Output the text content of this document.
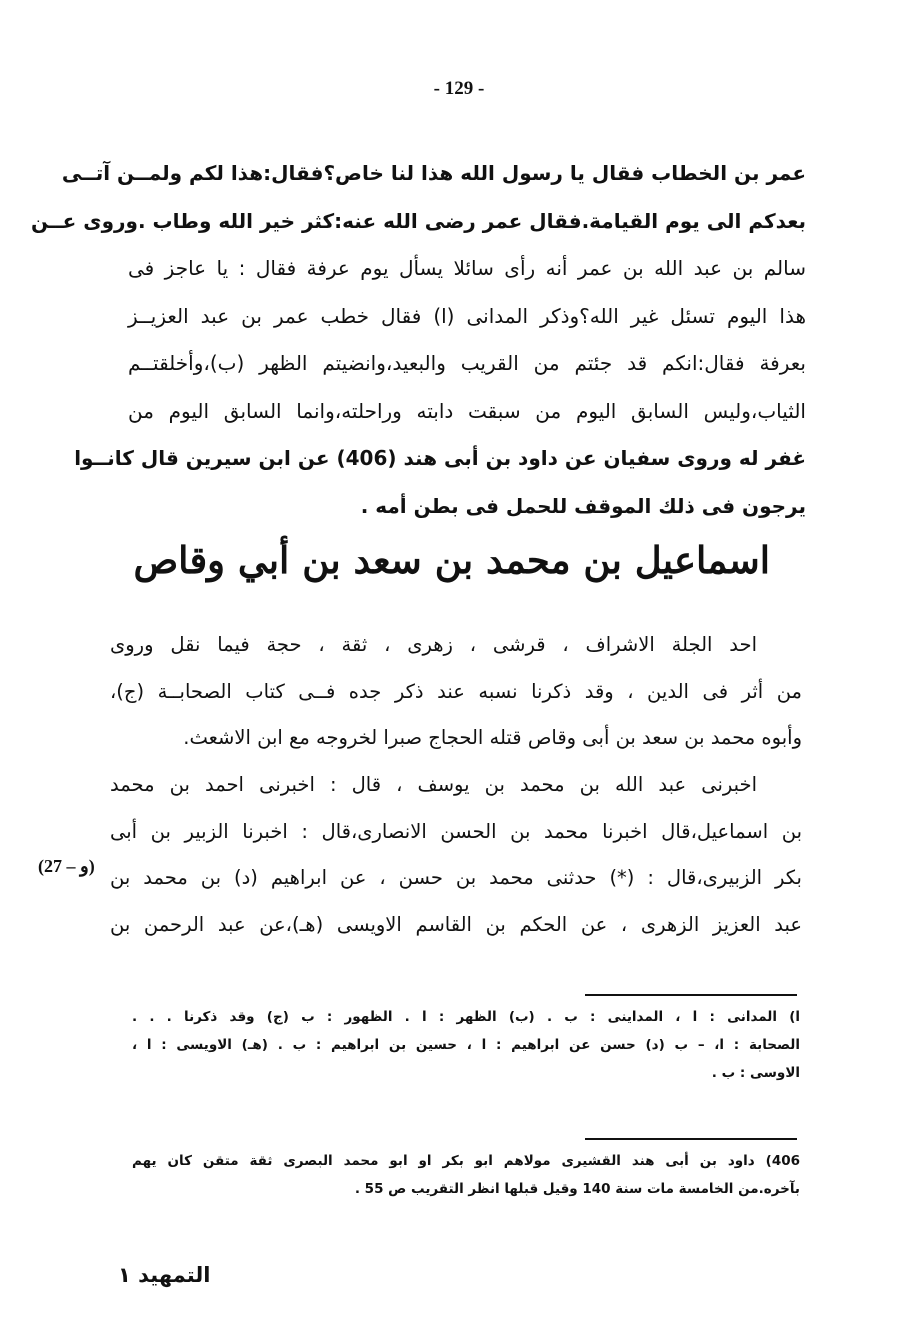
- 129 -
عمر بن الخطاب فقال يا رسول الله هذا لنا خاص؟فقال:هذا لكم ولمــن آتــى
بعدكم الى يوم القيامة.فقال عمر رضى الله عنه:كثر خير الله وطاب .وروى عــن
سالم بن عبد الله بن عمر أنه رأى سائلا يسأل يوم عرفة فقال : يا عاجز فى
هذا اليوم تسئل غير الله؟وذكر المدانى (ا) فقال خطب عمر بن عبد العزيــز
بعرفة فقال:انكم قد جئتم من القريب والبعيد،وانضيتم الظهر (ب)،وأخلقتــم
الثياب،وليس السابق اليوم من سبقت دابته وراحلته،وانما السابق اليوم من
غفر له وروى سفيان عن داود بن أبى هند (406) عن ابن سيرين قال كانــوا
يرجون فى ذلك الموقف للحمل فى بطن أمه .
اسماعيل بن محمد بن سعد بن أبي وقاص
احد الجلة الاشراف ، قرشى ، زهرى ، ثقة ، حجة فيما نقل وروى
من أثر فى الدين ، وقد ذكرنا نسبه عند ذكر جده فــى كتاب الصحابــة (ج)،
وأبوه محمد بن سعد بن أبى وقاص قتله الحجاج صبرا لخروجه مع ابن الاشعث.
اخبرنى عبد الله بن محمد بن يوسف ، قال : اخبرنى احمد بن محمد
بن اسماعيل،قال اخبرنا محمد بن الحسن الانصارى،قال : اخبرنا الزبير بن أبى
بكر الزبيرى،قال : (*) حدثنى محمد بن حسن ، عن ابراهيم (د) بن محمد بن
عبد العزيز الزهرى ، عن الحكم بن القاسم الاويسى (هـ)،عن عبد الرحمن بن
(27 – و)
ا) المدانى : ا ، المداينى : ب . (ب) الظهر : ا . الظهور : ب (ج) وقد ذكرنا . . .
الصحابة : ا، – ب (د) حسن عن ابراهيم : ا ، حسين بن ابراهيم : ب . (هـ) الاويسى : ا ،
الاوسى : ب .
406) داود بن أبى هند القشيرى مولاهم ابو بكر او ابو محمد البصرى ثقة متقن كان يهم
بآخره.من الخامسة مات سنة 140 وقيل قبلها انظر التقريب ص 55 .
التمهيد ١
